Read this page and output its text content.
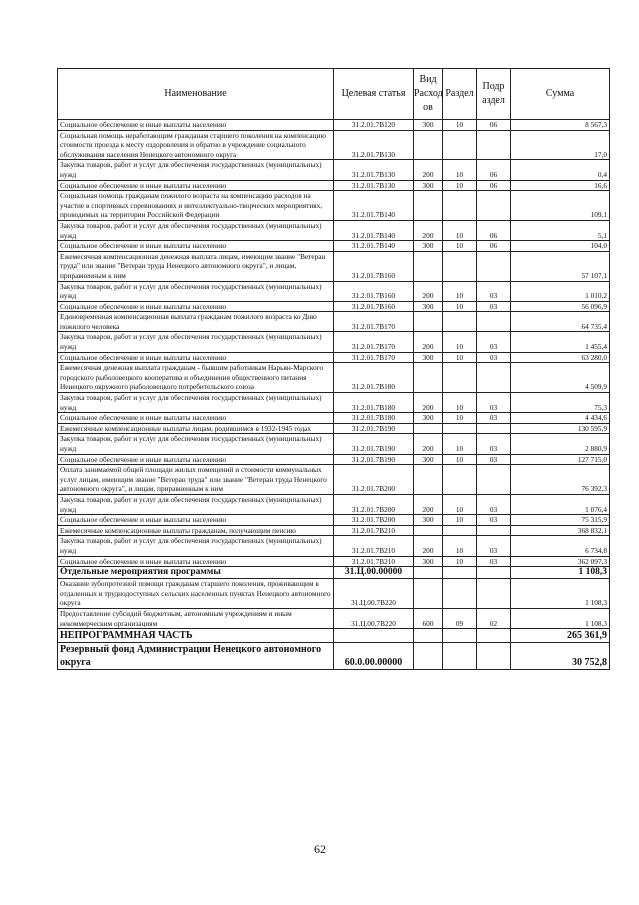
Наименование	Целевая статья	Вид Расход ов	Раздел	Подр аздел	Сумма
Социальное обеспечение и иные выплаты населению	31.2.01.7В120	300	10	06	8 567,3
Социальная помощь неработающим гражданам старшего поколения на компенсацию стоимости проезда к месту оздоровления и обратно в учреждение социального обслуживания населения Ненецкого автономного округа	31.2.01.7В130				17,0
Закупка товаров, работ и услуг для обеспечения государственных (муниципальных) нужд	31.2.01.7В130	200	10	06	0,4
Социальное обеспечение и иные выплаты населению	31.2.01.7В130	300	10	06	16,6
Социальная помощь гражданам пожилого возраста на компенсацию расходов на участие в спортивных соревнованиях и интеллектуально-творческих мероприятиях, проводимых на территории Российской Федерации	31.2.01.7В140				109,1
Закупка товаров, работ и услуг для обеспечения государственных (муниципальных) нужд	31.2.01.7В140	200	10	06	5,1
Социальное обеспечение и иные выплаты населению	31.2.01.7В140	300	10	06	104,0
Ежемесячная компенсационная денежная выплата лицам, имеющим звание "Ветеран труда" или звание "Ветеран труда Ненецкого автономного округа", и лицам, приравненным к ним	31.2.01.7В160				57 107,1
Закупка товаров, работ и услуг для обеспечения государственных (муниципальных) нужд	31.2.01.7В160	200	10	03	1 010,2
Социальное обеспечение и иные выплаты населению	31.2.01.7В160	300	10	03	56 096,9
Единовременная компенсационная выплата гражданам пожилого возраста ко Дню пожилого человека	31.2.01.7В170				64 735,4
Закупка товаров, работ и услуг для обеспечения государственных (муниципальных) нужд	31.2.01.7В170	200	10	03	1 455,4
Социальное обеспечение и иные выплаты населению	31.2.01.7В170	300	10	03	63 280,0
Ежемесячная денежная выплата гражданам - бывшим работникам Нарьян-Марского городского рыболовецкого кооператива и объединения общественного питания Ненецкого окружного рыболовецкого потребительского союза	31.2.01.7В180				4 509,9
Закупка товаров, работ и услуг для обеспечения государственных (муниципальных) нужд	31.2.01.7В180	200	10	03	75,3
Социальное обеспечение и иные выплаты населению	31.2.01.7В180	300	10	03	4 434,6
Ежемесячные компенсационные выплаты лицам, родившимся в 1932-1945 годах	31.2.01.7В190				130 595,9
Закупка товаров, работ и услуг для обеспечения государственных (муниципальных) нужд	31.2.01.7В190	200	10	03	2 880,9
Социальное обеспечение и иные выплаты населению	31.2.01.7В190	300	10	03	127 715,0
Оплата занимаемой общей площади жилых помещений и стоимости коммунальных услуг лицам, имеющим звание "Ветеран труда" или звание "Ветеран труда Ненецкого автономного округа", и лицам, приравненным к ним	31.2.01.7В200				76 392,3
Закупка товаров, работ и услуг для обеспечения государственных (муниципальных) нужд	31.2.01.7В200	200	10	03	1 076,4
Социальное обеспечение и иные выплаты населению	31.2.01.7В200	300	10	03	75 315,9
Ежемесячные компенсационные выплаты гражданам, получающим пенсию	31.2.01.7В210				368 832,1
Закупка товаров, работ и услуг для обеспечения государственных (муниципальных) нужд	31.2.01.7В210	200	10	03	6 734,8
Социальное обеспечение и иные выплаты населению	31.2.01.7В210	300	10	03	362 097,3
Отдельные мероприятия программы	31.Ц.00.00000				1 108,3
Оказание зубопротезной помощи гражданам старшего поколения, проживающим в отдаленных и труднодоступных сельских населенных пунктах Ненецкого автономного округа	31.Ц.00.7В220				1 108,3
Предоставление субсидий бюджетным, автономным учреждениям и иным некоммерческим организациям	31.Ц.00.7В220	600	09	02	1 108,3
НЕПРОГРАММНАЯ ЧАСТЬ					265 361,9
Резервный фонд Администрации Ненецкого автономного округа	60.0.00.00000				30 752,8
62
